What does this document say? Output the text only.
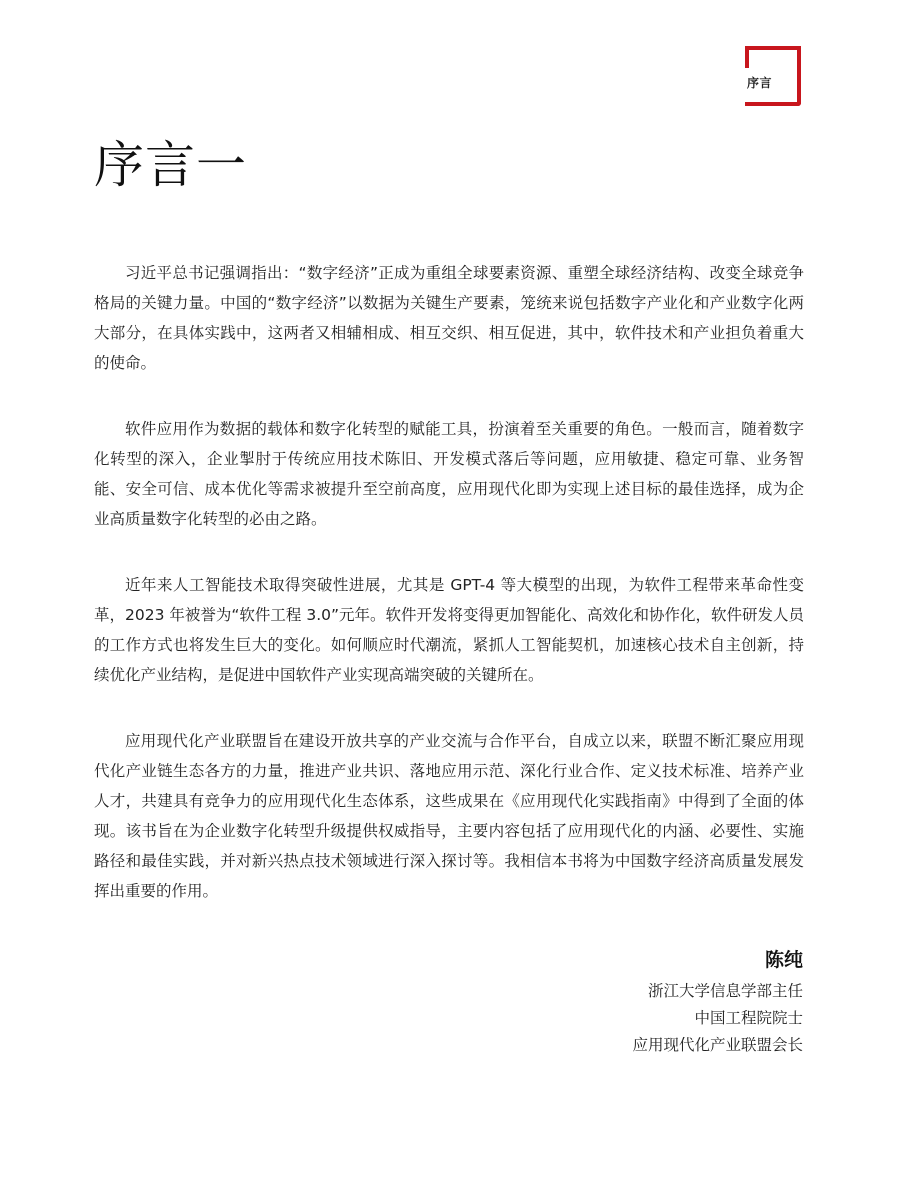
序言
序言一

习近平总书记强调指出：“数字经济”正成为重组全球要素资源、重塑全球经济结构、改变全球竞争格局的关键力量。中国的“数字经济”以数据为关键生产要素，笼统来说包括数字产业化和产业数字化两大部分，在具体实践中，这两者又相辅相成、相互交织、相互促进，其中，软件技术和产业担负着重大的使命。

软件应用作为数据的载体和数字化转型的赋能工具，扮演着至关重要的角色。一般而言，随着数字化转型的深入，企业掣肘于传统应用技术陈旧、开发模式落后等问题，应用敏捷、稳定可靠、业务智能、安全可信、成本优化等需求被提升至空前高度，应用现代化即为实现上述目标的最佳选择，成为企业高质量数字化转型的必由之路。

近年来人工智能技术取得突破性进展，尤其是 GPT-4 等大模型的出现，为软件工程带来革命性变革，2023 年被誉为“软件工程 3.0”元年。软件开发将变得更加智能化、高效化和协作化，软件研发人员的工作方式也将发生巨大的变化。如何顺应时代潮流，紧抓人工智能契机，加速核心技术自主创新，持续优化产业结构，是促进中国软件产业实现高端突破的关键所在。

应用现代化产业联盟旨在建设开放共享的产业交流与合作平台，自成立以来，联盟不断汇聚应用现代化产业链生态各方的力量，推进产业共识、落地应用示范、深化行业合作、定义技术标准、培养产业人才，共建具有竞争力的应用现代化生态体系，这些成果在《应用现代化实践指南》中得到了全面的体现。该书旨在为企业数字化转型升级提供权威指导，主要内容包括了应用现代化的内涵、必要性、实施路径和最佳实践，并对新兴热点技术领域进行深入探讨等。我相信本书将为中国数字经济高质量发展发挥出重要的作用。

陈纯
浙江大学信息学部主任
中国工程院院士
应用现代化产业联盟会长
